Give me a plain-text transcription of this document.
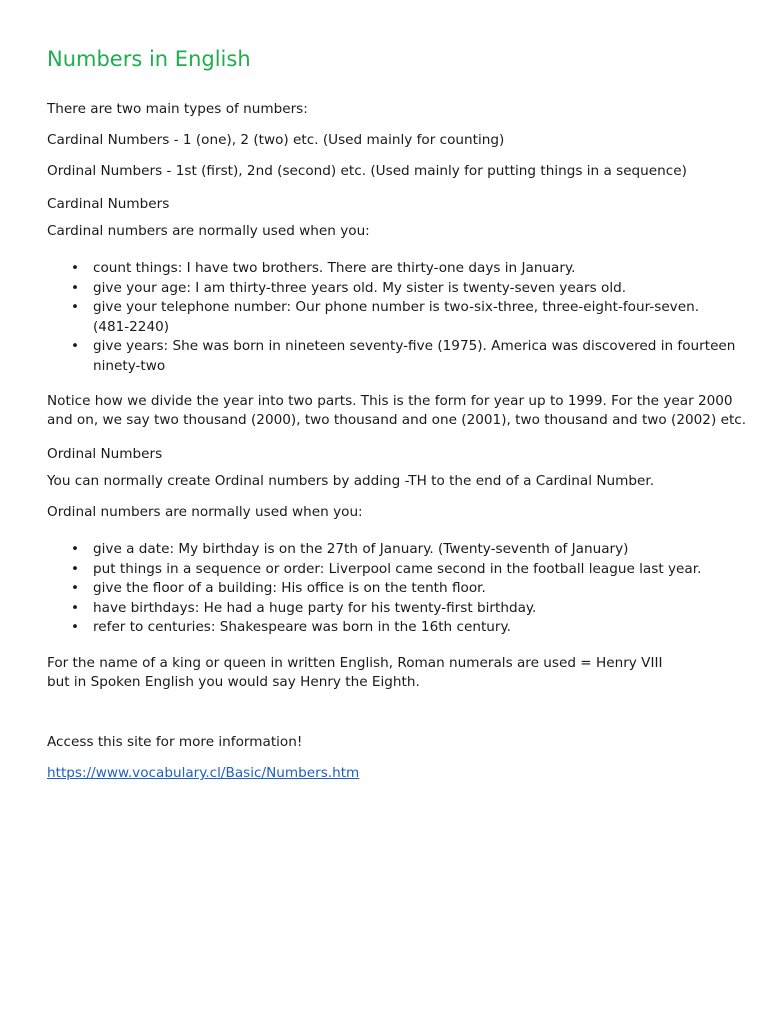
Numbers in English
There are two main types of numbers:
Cardinal Numbers - 1 (one), 2 (two) etc. (Used mainly for counting)
Ordinal Numbers - 1st (first), 2nd (second) etc. (Used mainly for putting things in a sequence)
Cardinal Numbers
Cardinal numbers are normally used when you:
• count things: I have two brothers. There are thirty-one days in January.
• give your age: I am thirty-three years old. My sister is twenty-seven years old.
• give your telephone number: Our phone number is two-six-three, three-eight-four-seven. (481-2240)
• give years: She was born in nineteen seventy-five (1975). America was discovered in fourteen ninety-two
Notice how we divide the year into two parts. This is the form for year up to 1999. For the year 2000
and on, we say two thousand (2000), two thousand and one (2001), two thousand and two (2002) etc.
Ordinal Numbers
You can normally create Ordinal numbers by adding -TH to the end of a Cardinal Number.
Ordinal numbers are normally used when you:
• give a date: My birthday is on the 27th of January. (Twenty-seventh of January)
• put things in a sequence or order: Liverpool came second in the football league last year.
• give the floor of a building: His office is on the tenth floor.
• have birthdays: He had a huge party for his twenty-first birthday.
• refer to centuries: Shakespeare was born in the 16th century.
For the name of a king or queen in written English, Roman numerals are used = Henry VIII
but in Spoken English you would say Henry the Eighth.
Access this site for more information!
https://www.vocabulary.cl/Basic/Numbers.htm
